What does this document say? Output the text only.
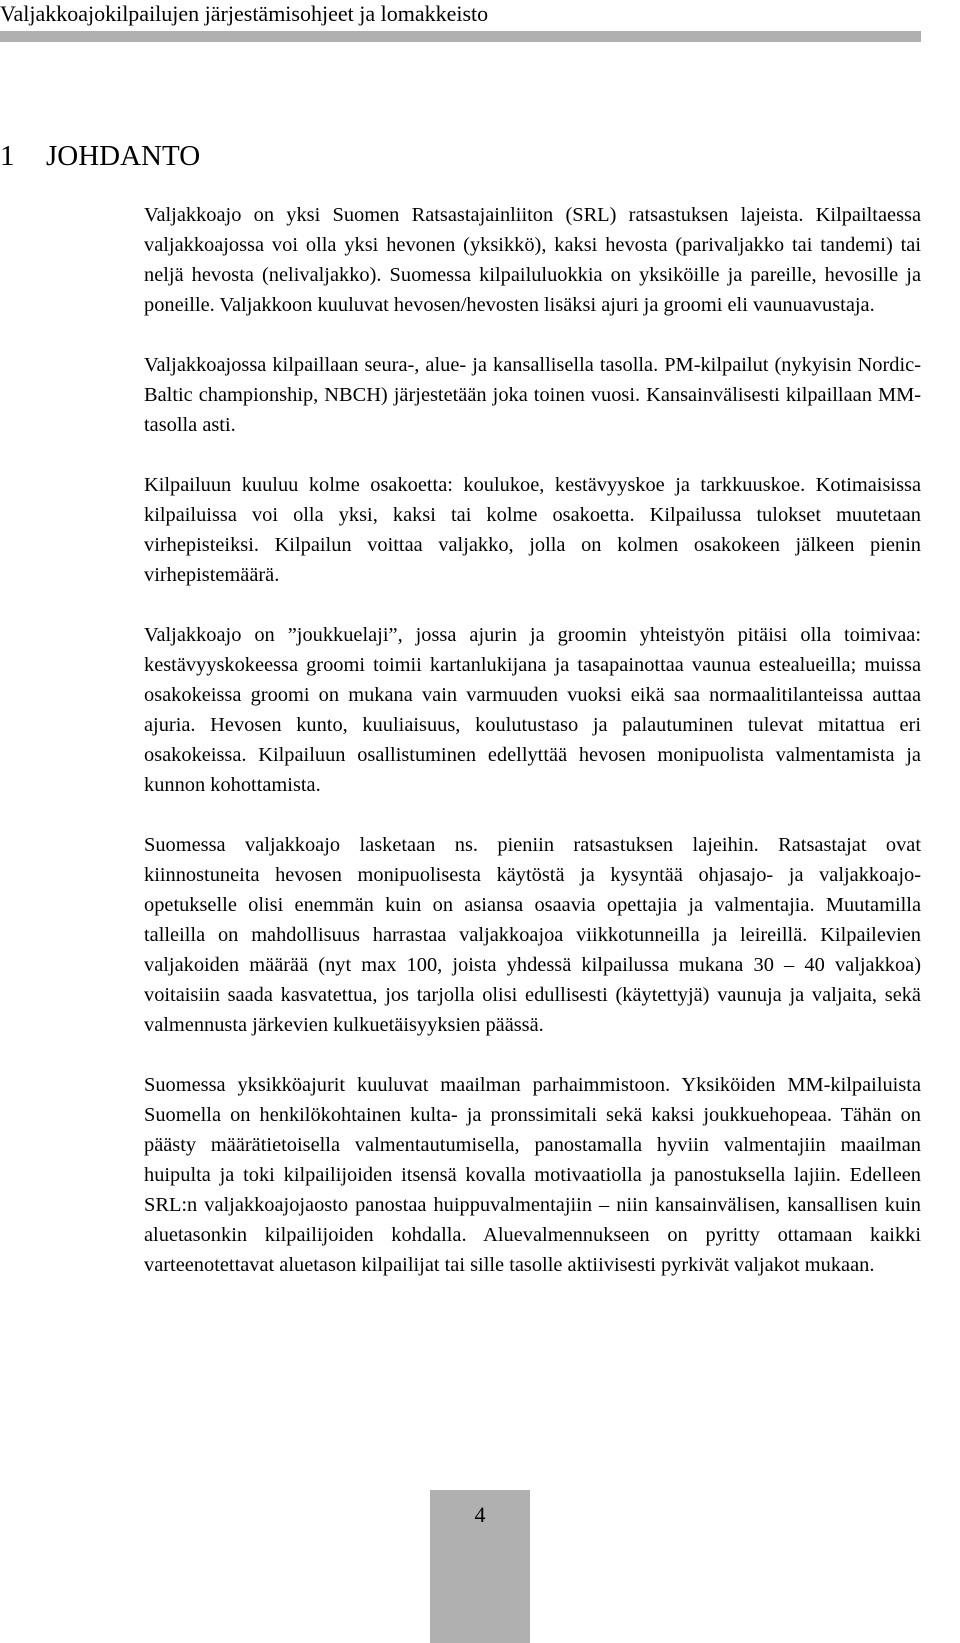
Valjakkoajokilpailujen järjestämisohjeet ja lomakkeisto
1 JOHDANTO

Valjakkoajo on yksi Suomen Ratsastajainliiton (SRL) ratsastuksen lajeista. Kilpailtaessa valjakkoajossa voi olla yksi hevonen (yksikkö), kaksi hevosta (parivaljakko tai tandemi) tai neljä hevosta (nelivaljakko). Suomessa kilpailuluokkia on yksiköille ja pareille, hevosille ja poneille. Valjakkoon kuuluvat hevosen/hevosten lisäksi ajuri ja groomi eli vaunuavustaja.

Valjakkoajossa kilpaillaan seura-, alue- ja kansallisella tasolla. PM-kilpailut (nykyisin Nordic-Baltic championship, NBCH) järjestetään joka toinen vuosi. Kansainvälisesti kilpaillaan MM-tasolla asti.

Kilpailuun kuuluu kolme osakoetta: koulukoe, kestävyyskoe ja tarkkuuskoe. Kotimaisissa kilpailuissa voi olla yksi, kaksi tai kolme osakoetta. Kilpailussa tulokset muutetaan virhepisteiksi. Kilpailun voittaa valjakko, jolla on kolmen osakokeen jälkeen pienin virhepistemäärä.

Valjakkoajo on ”joukkuelaji”, jossa ajurin ja groomin yhteistyön pitäisi olla toimivaa: kestävyyskokeessa groomi toimii kartanlukijana ja tasapainottaa vaunua estealueilla; muissa osakokeissa groomi on mukana vain varmuuden vuoksi eikä saa normaalitilanteissa auttaa ajuria. Hevosen kunto, kuuliaisuus, koulutustaso ja palautuminen tulevat mitattua eri osakokeissa. Kilpailuun osallistuminen edellyttää hevosen monipuolista valmentamista ja kunnon kohottamista.

Suomessa valjakkoajo lasketaan ns. pieniin ratsastuksen lajeihin. Ratsastajat ovat kiinnostuneita hevosen monipuolisesta käytöstä ja kysyntää ohjasajo- ja valjakkoajo-opetukselle olisi enemmän kuin on asiansa osaavia opettajia ja valmentajia. Muutamilla talleilla on mahdollisuus harrastaa valjakkoajoa viikkotunneilla ja leireillä. Kilpailevien valjakoiden määrää (nyt max 100, joista yhdessä kilpailussa mukana 30 – 40 valjakkoa) voitaisiin saada kasvatettua, jos tarjolla olisi edullisesti (käytettyjä) vaunuja ja valjaita, sekä valmennusta järkevien kulkuetäisyyksien päässä.

Suomessa yksikköajurit kuuluvat maailman parhaimmistoon. Yksiköiden MM-kilpailuista Suomella on henkilökohtainen kulta- ja pronssimitali sekä kaksi joukkuehopeaa. Tähän on päästy määrätietoisella valmentautumisella, panostamalla hyviin valmentajiin maailman huipulta ja toki kilpailijoiden itsensä kovalla motivaatiolla ja panostuksella lajiin. Edelleen SRL:n valjakkoajojaosto panostaa huippuvalmentajiin – niin kansainvälisen, kansallisen kuin aluetasonkin kilpailijoiden kohdalla. Aluevalmennukseen on pyritty ottamaan kaikki varteenotettavat aluetason kilpailijat tai sille tasolle aktiivisesti pyrkivät valjakot mukaan.

4
